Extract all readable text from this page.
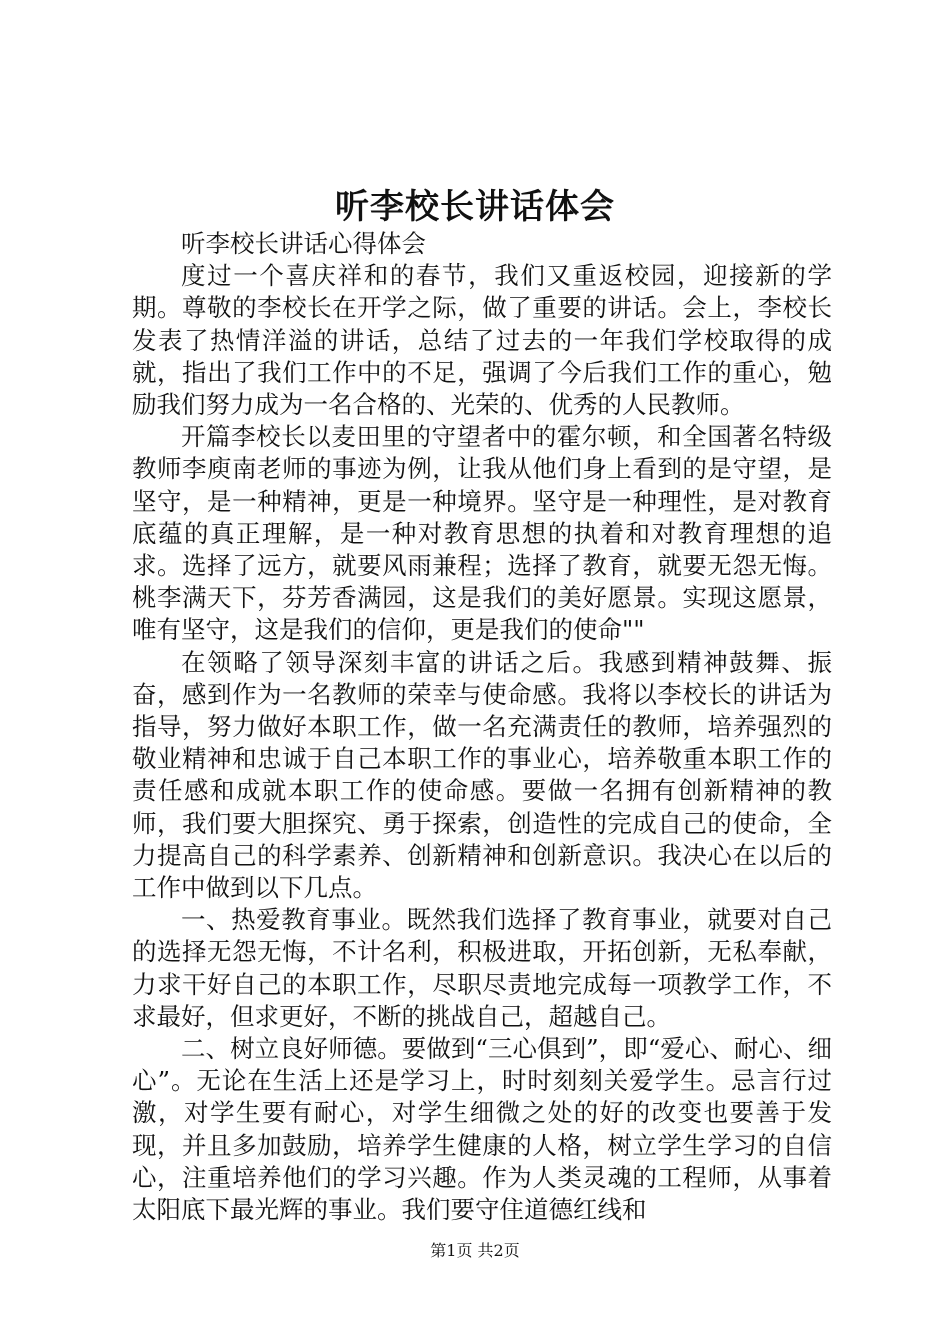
听李校长讲话体会

听李校长讲话心得体会

度过一个喜庆祥和的春节，我们又重返校园，迎接新的学期。尊敬的李校长在开学之际，做了重要的讲话。会上，李校长发表了热情洋溢的讲话，总结了过去的一年我们学校取得的成就，指出了我们工作中的不足，强调了今后我们工作的重心，勉励我们努力成为一名合格的、光荣的、优秀的人民教师。

开篇李校长以麦田里的守望者中的霍尔顿，和全国著名特级教师李庾南老师的事迹为例，让我从他们身上看到的是守望，是坚守，是一种精神，更是一种境界。坚守是一种理性，是对教育底蕴的真正理解，是一种对教育思想的执着和对教育理想的追求。选择了远方，就要风雨兼程；选择了教育，就要无怨无悔。桃李满天下，芬芳香满园，这是我们的美好愿景。实现这愿景，唯有坚守，这是我们的信仰，更是我们的使命""

在领略了领导深刻丰富的讲话之后。我感到精神鼓舞、振奋，感到作为一名教师的荣幸与使命感。我将以李校长的讲话为指导，努力做好本职工作，做一名充满责任的教师，培养强烈的敬业精神和忠诚于自己本职工作的事业心，培养敬重本职工作的责任感和成就本职工作的使命感。要做一名拥有创新精神的教师，我们要大胆探究、勇于探索，创造性的完成自己的使命，全力提高自己的科学素养、创新精神和创新意识。我决心在以后的工作中做到以下几点。

一、热爱教育事业。既然我们选择了教育事业，就要对自己的选择无怨无悔，不计名利，积极进取，开拓创新，无私奉献，力求干好自己的本职工作，尽职尽责地完成每一项教学工作，不求最好，但求更好，不断的挑战自己，超越自己。

二、树立良好师德。要做到“三心俱到”，即“爱心、耐心、细心”。无论在生活上还是学习上，时时刻刻关爱学生。忌言行过激，对学生要有耐心，对学生细微之处的好的改变也要善于发现，并且多加鼓励，培养学生健康的人格，树立学生学习的自信心，注重培养他们的学习兴趣。作为人类灵魂的工程师，从事着太阳底下最光辉的事业。我们要守住道德红线和

第1页 共2页
